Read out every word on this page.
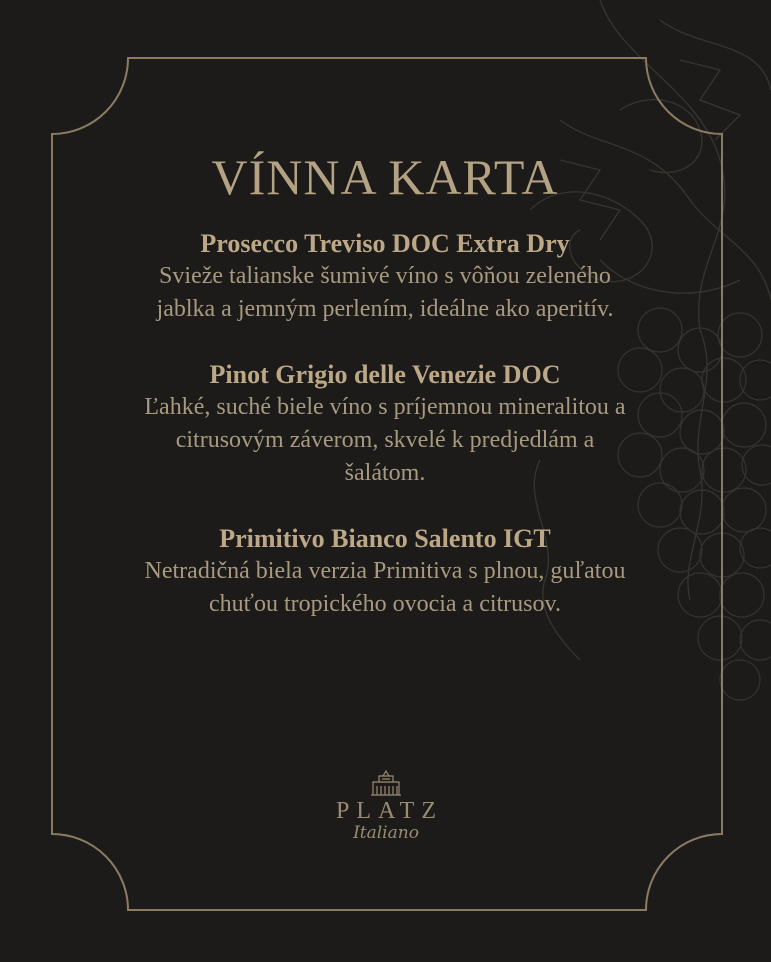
VÍNNA KARTA
Prosecco Treviso DOC Extra Dry
Svieže talianske šumivé víno s vôňou zeleného jablka a jemným perlením, ideálne ako aperitív.
Pinot Grigio delle Venezie DOC
Ľahké, suché biele víno s príjemnou mineralitou a citrusovým záverom, skvelé k predjedlám a šalátom.
Primitivo Bianco Salento IGT
Netradičná biela verzia Primitiva s plnou, guľatou chuťou tropického ovocia a citrusov.
PLATZ
Italiano
